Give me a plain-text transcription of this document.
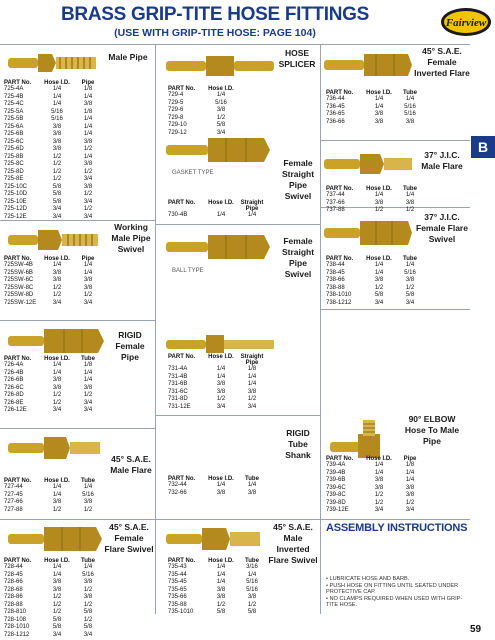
BRASS GRIP-TITE HOSE FITTINGS
(USE WITH GRIP-TITE HOSE: PAGE 104)
Fairview
B
59
Male Pipe	HOSE SPLICER
45° S.A.E. Female Inverted Flare
Working Male Pipe Swivel
Female Straight Pipe Swivel
GASKET TYPE
Female Straight Pipe Swivel
BALL TYPE
37° J.I.C. Male Flare
37° J.I.C. Female Flare Swivel
RIGID Female Pipe
RIGID Tube Shank
90° ELBOW Hose To Male Pipe
45° S.A.E. Male Flare
45° S.A.E. Female Flare Swivel
45° S.A.E. Male Inverted Flare Swivel
PART No.	Hose I.D.	Pipe
725-4A	1/4	1/8
725-4B	1/4	1/4
725-4C	1/4	3/8
725-5A	5/16	1/8
725-5B	5/16	1/4
725-6A	3/8	1/4
725-6B	3/8	1/4
725-6C	3/8	3/8
725-6D	3/8	1/2
725-8B	1/2	1/4
725-8C	1/2	3/8
725-8D	1/2	1/2
725-8E	1/2	3/4
725-10C	5/8	3/8
725-10D	5/8	1/2
725-10E	5/8	3/4
725-12D	3/4	1/2
725-12E	3/4	3/4
PART No.	Hose I.D.
729-4	1/4
729-5	5/16
729-6	3/8
729-8	1/2
729-10	5/8
729-12	3/4
PART No.	Hose I.D.	Tube
736-44	1/4	1/4
736-45	1/4	5/16
736-65	3/8	5/16
736-66	3/8	3/8
PART No.	Hose I.D.	Pipe
725SW-4B	1/4	1/4
725SW-6B	3/8	1/4
725SW-6C	3/8	3/8
725SW-8C	1/2	3/8
725SW-8D	1/2	1/2
725SW-12E	3/4	3/4
PART No.	Hose I.D.	Straight Pipe
730-4B	1/4	1/4
PART No.	Hose I.D.	Straight Pipe
731-4A	1/4	1/8
731-4B	1/4	1/4
731-6B	3/8	1/4
731-6C	3/8	3/8
731-8D	1/2	1/2
731-12E	3/4	3/4
PART No.	Hose I.D.	Tube
737-44	1/4	1/4
737-66	3/8	3/8
737-88	1/2	1/2
PART No.	Hose I.D.	Tube
738-44	1/4	1/4
738-45	1/4	5/16
738-66	3/8	3/8
738-88	1/2	1/2
738-1010	5/8	5/8
738-1212	3/4	3/4
PART No.	Hose I.D.	Tube
726-4A	1/4	1/8
726-4B	1/4	1/4
726-6B	3/8	1/4
726-6C	3/8	3/8
726-8D	1/2	1/2
726-8E	1/2	3/4
726-12E	3/4	3/4
PART No.	Hose I.D.	Tube
732-44	1/4	1/4
732-66	3/8	3/8
PART No.	Hose I.D.	Pipe
739-4A	1/4	1/8
739-4B	1/4	1/4
739-6B	3/8	1/4
739-6C	3/8	3/8
739-8C	1/2	3/8
739-8D	1/2	1/2
739-12E	3/4	3/4
PART No.	Hose I.D.	Tube
727-44	1/4	1/4
727-45	1/4	5/16
727-66	3/8	3/8
727-88	1/2	1/2
PART No.	Hose I.D.	Tube
728-44	1/4	1/4
728-45	1/4	5/16
728-66	3/8	3/8
728-68	3/8	1/2
728-86	1/2	3/8
728-88	1/2	1/2
728-810	1/2	5/8
728-108	5/8	1/2
728-1010	5/8	5/8
728-1212	3/4	3/4
PART No.	Hose I.D.	Tube
735-43	1/4	3/16
735-44	1/4	1/4
735-45	1/4	5/16
735-65	3/8	5/16
735-66	3/8	3/8
735-88	1/2	1/2
735-1010	5/8	5/8
ASSEMBLY INSTRUCTIONS
• LUBRICATE HOSE AND BARB.
• PUSH HOSE ON FITTING UNTIL SEATED UNDER PROTECTIVE CAP.
• NO CLAMPS REQUIRED WHEN USED WITH GRIP-TITE HOSE.
